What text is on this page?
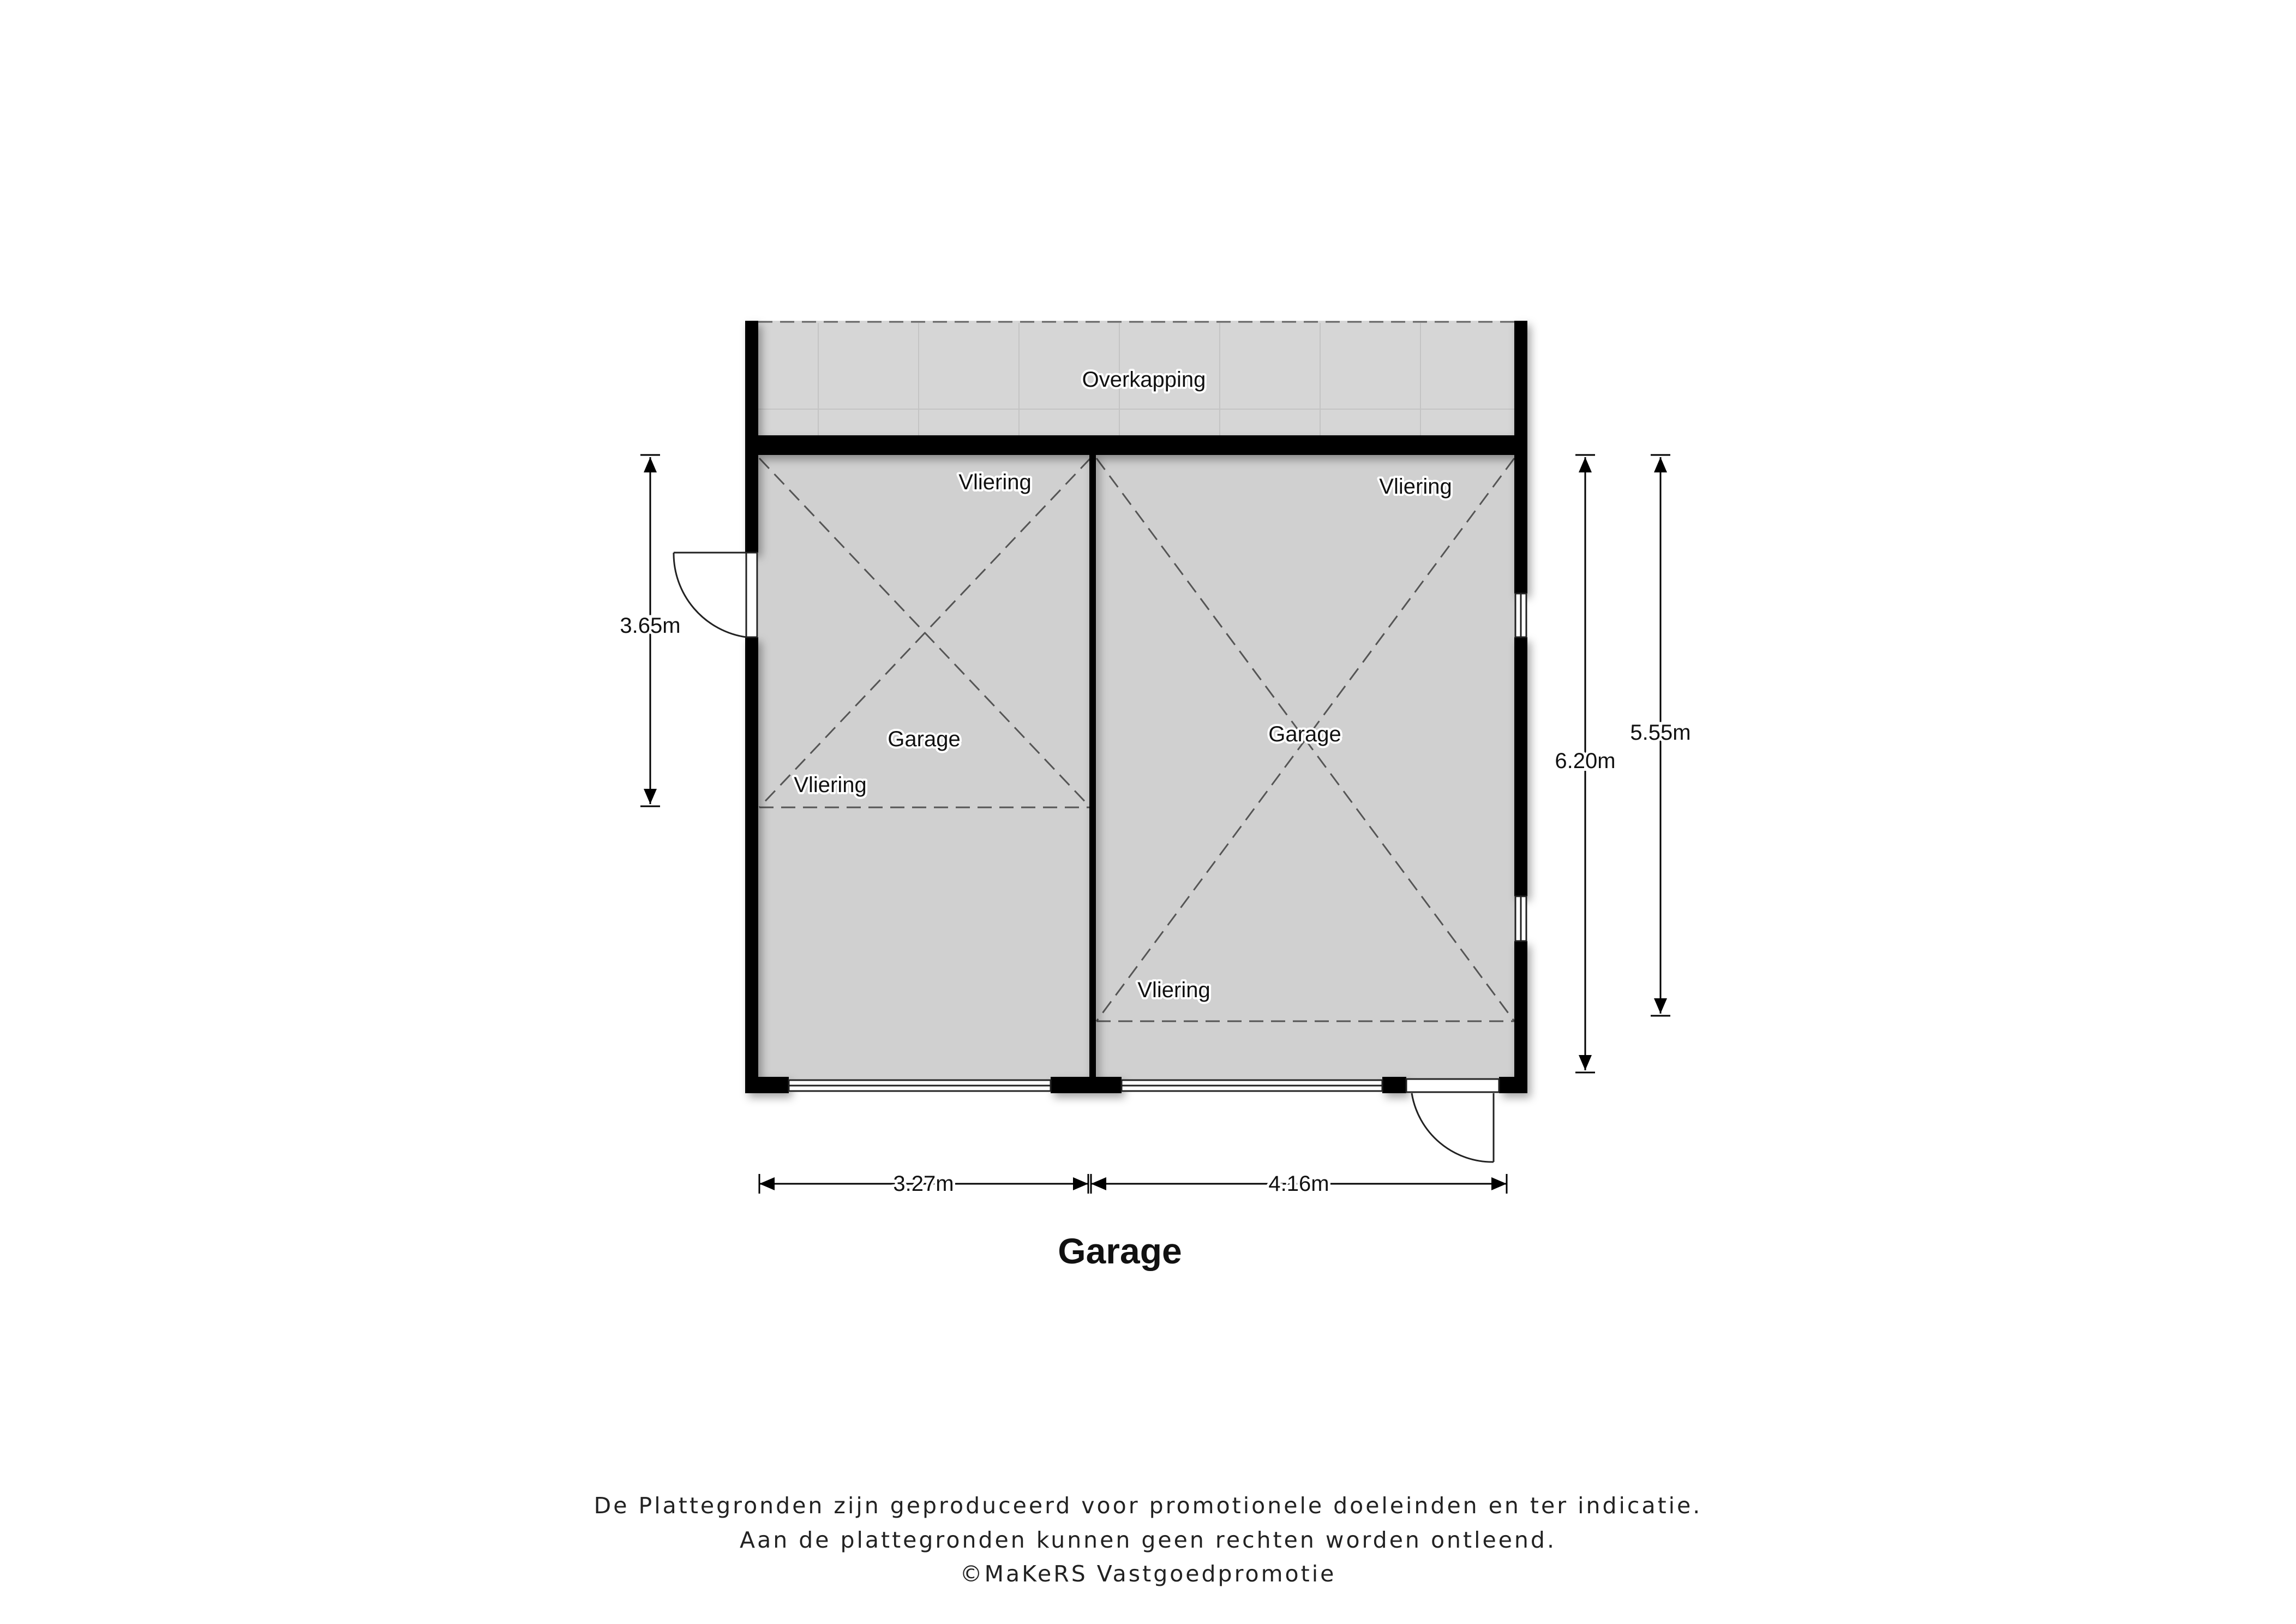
Overkapping
Vliering
Garage
Vliering
Vliering
Garage
Vliering
3.65m
6.20m
5.55m
3.27m	4.16m
Garage
De Plattegronden zijn geproduceerd voor promotionele doeleinden en ter indicatie.
Aan de plattegronden kunnen geen rechten worden ontleend.
©MaKeRS Vastgoedpromotie
